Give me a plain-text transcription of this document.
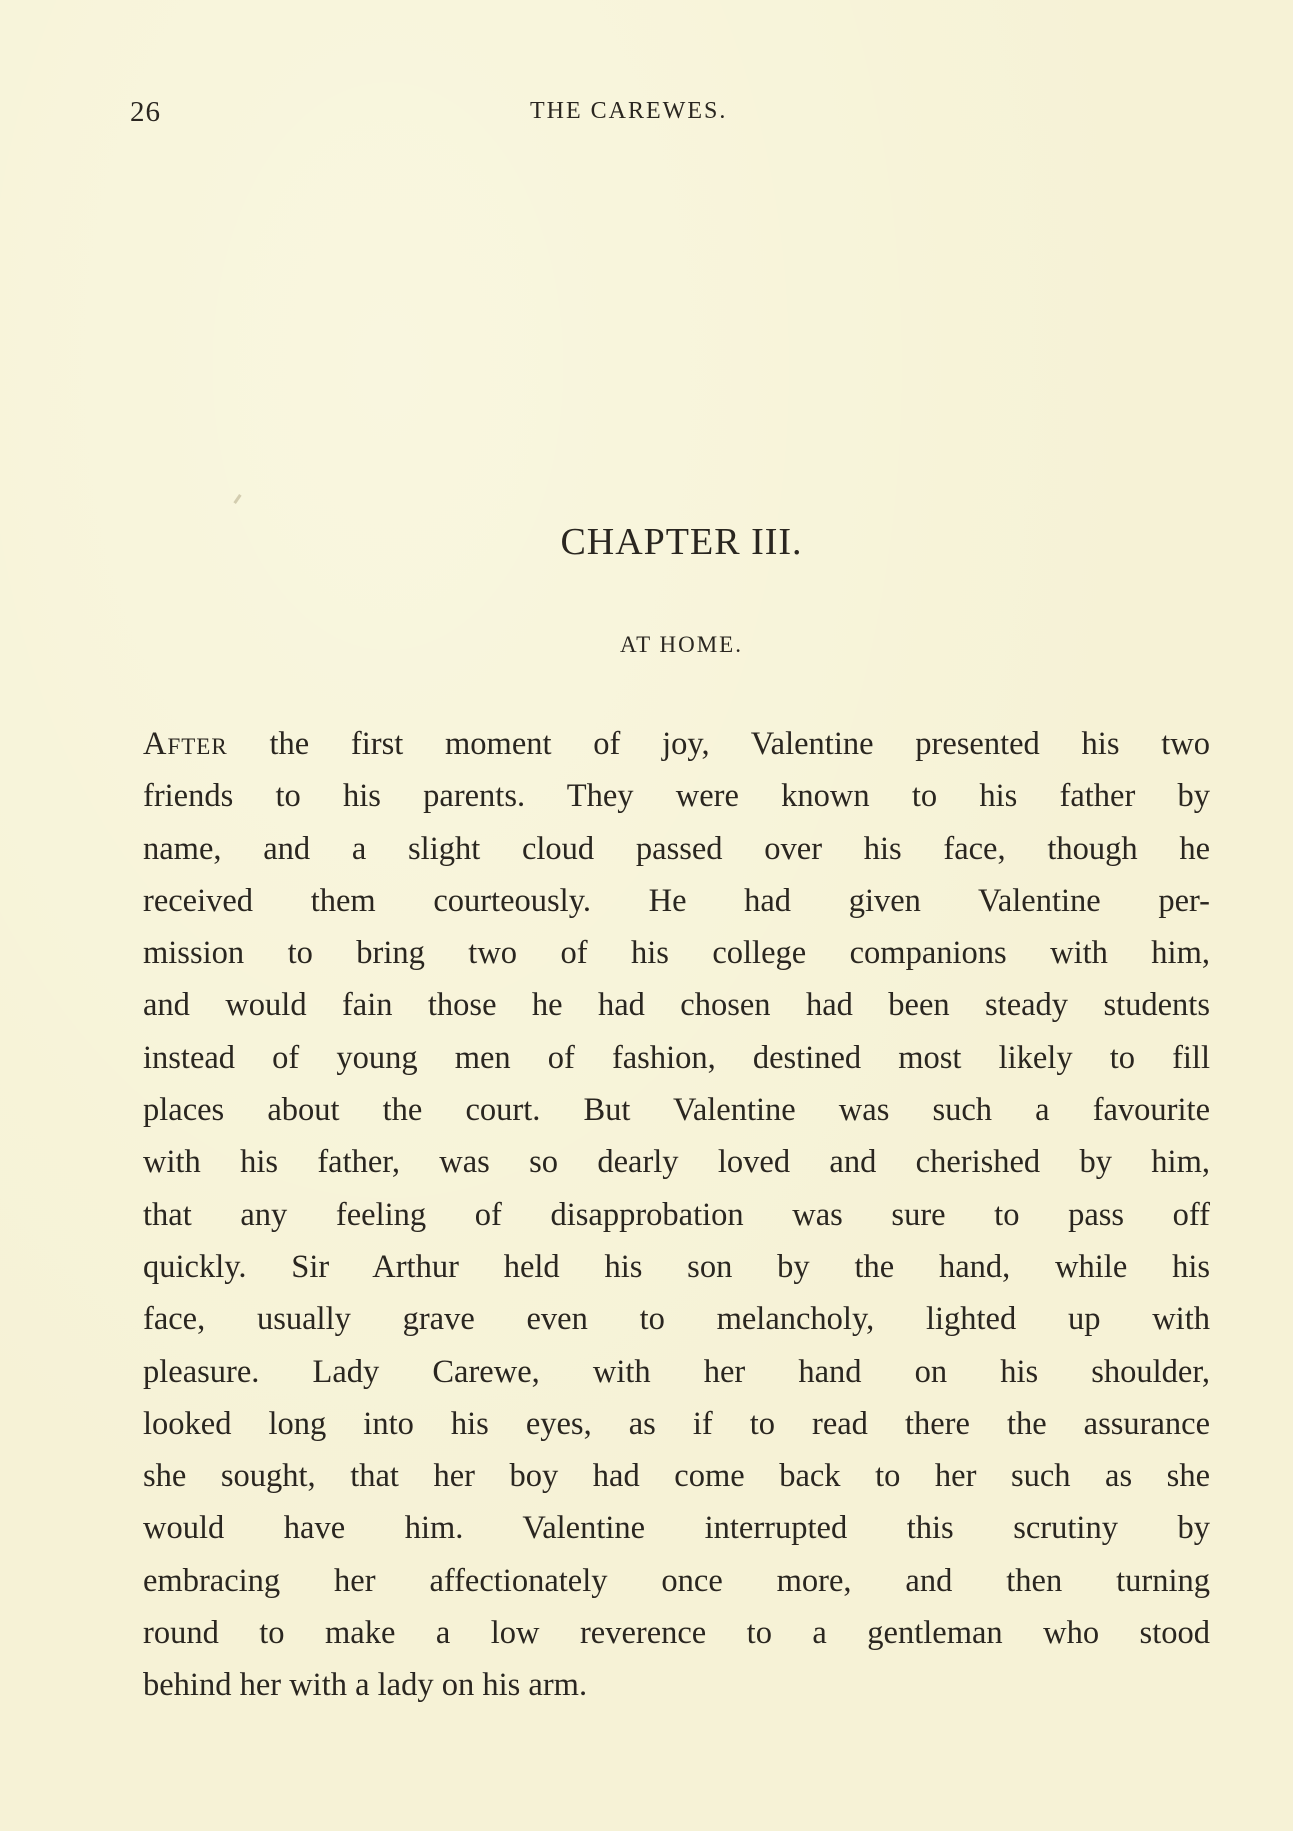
26	THE CAREWES.
CHAPTER III.
AT HOME.
After the first moment of joy, Valentine presented his two
friends to his parents. They were known to his father by
name, and a slight cloud passed over his face, though he
received them courteously. He had given Valentine per-
mission to bring two of his college companions with him,
and would fain those he had chosen had been steady students
instead of young men of fashion, destined most likely to fill
places about the court. But Valentine was such a favourite
with his father, was so dearly loved and cherished by him,
that any feeling of disapprobation was sure to pass off
quickly. Sir Arthur held his son by the hand, while his
face, usually grave even to melancholy, lighted up with
pleasure. Lady Carewe, with her hand on his shoulder,
looked long into his eyes, as if to read there the assurance
she sought, that her boy had come back to her such as she
would have him. Valentine interrupted this scrutiny by
embracing her affectionately once more, and then turning
round to make a low reverence to a gentleman who stood
behind her with a lady on his arm.
